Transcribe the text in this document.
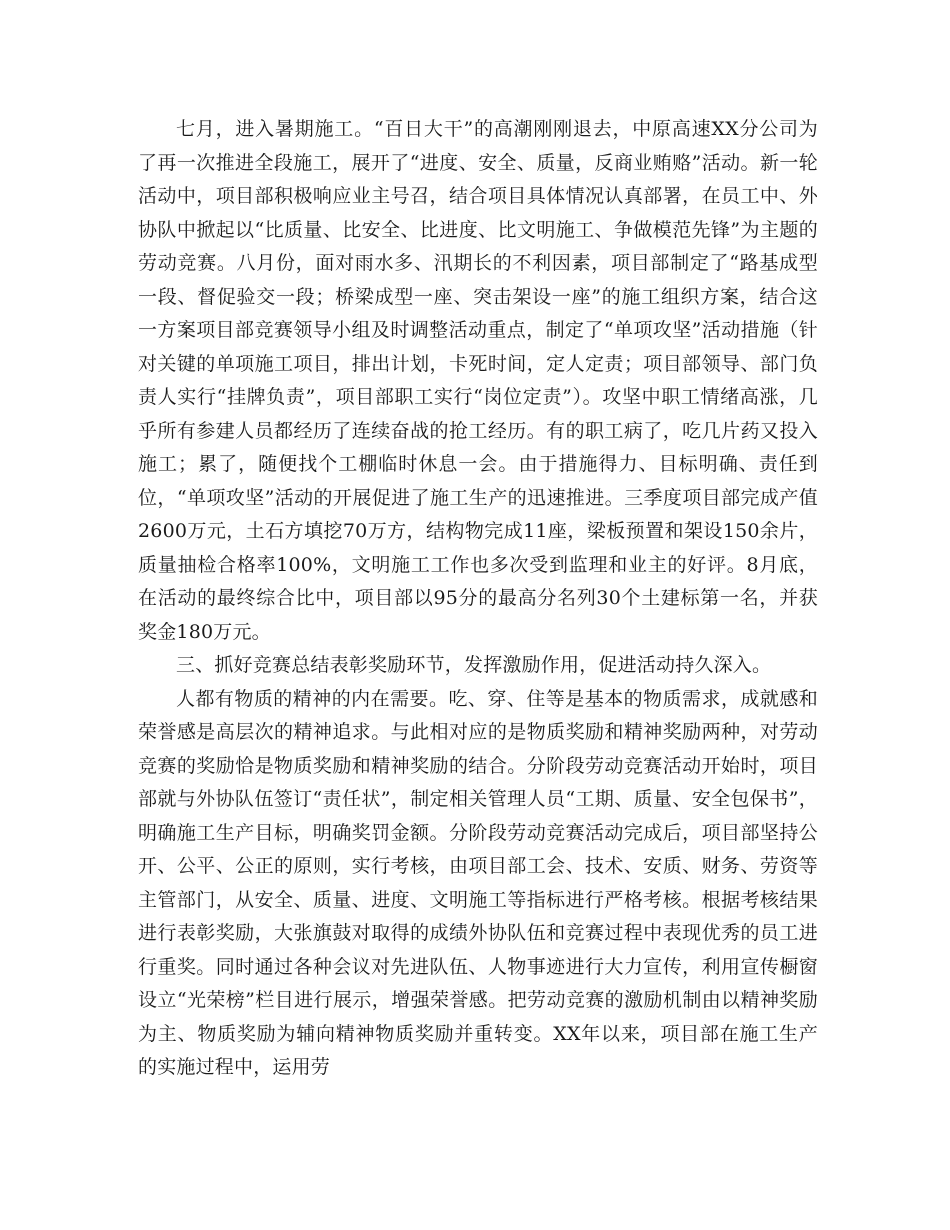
七月，进入暑期施工。“百日大干”的高潮刚刚退去，中原高速XX分公司为了再一次推进全段施工，展开了“进度、安全、质量，反商业贿赂”活动。新一轮活动中，项目部积极响应业主号召，结合项目具体情况认真部署，在员工中、外协队中掀起以“比质量、比安全、比进度、比文明施工、争做模范先锋”为主题的劳动竞赛。八月份，面对雨水多、汛期长的不利因素，项目部制定了“路基成型一段、督促验交一段；桥梁成型一座、突击架设一座”的施工组织方案，结合这一方案项目部竞赛领导小组及时调整活动重点，制定了“单项攻坚”活动措施（针对关键的单项施工项目，排出计划，卡死时间，定人定责；项目部领导、部门负责人实行“挂牌负责”，项目部职工实行“岗位定责”）。攻坚中职工情绪高涨，几乎所有参建人员都经历了连续奋战的抢工经历。有的职工病了，吃几片药又投入施工；累了，随便找个工棚临时休息一会。由于措施得力、目标明确、责任到位，“单项攻坚”活动的开展促进了施工生产的迅速推进。三季度项目部完成产值2600万元，土石方填挖70万方，结构物完成11座，梁板预置和架设150余片，质量抽检合格率100%，文明施工工作也多次受到监理和业主的好评。8月底，在活动的最终综合比中，项目部以95分的最高分名列30个土建标第一名，并获奖金180万元。

三、抓好竞赛总结表彰奖励环节，发挥激励作用，促进活动持久深入。

人都有物质的精神的内在需要。吃、穿、住等是基本的物质需求，成就感和荣誉感是高层次的精神追求。与此相对应的是物质奖励和精神奖励两种，对劳动竞赛的奖励恰是物质奖励和精神奖励的结合。分阶段劳动竞赛活动开始时，项目部就与外协队伍签订“责任状”，制定相关管理人员“工期、质量、安全包保书”，明确施工生产目标，明确奖罚金额。分阶段劳动竞赛活动完成后，项目部坚持公开、公平、公正的原则，实行考核，由项目部工会、技术、安质、财务、劳资等主管部门，从安全、质量、进度、文明施工等指标进行严格考核。根据考核结果进行表彰奖励，大张旗鼓对取得的成绩外协队伍和竞赛过程中表现优秀的员工进行重奖。同时通过各种会议对先进队伍、人物事迹进行大力宣传，利用宣传橱窗设立“光荣榜”栏目进行展示，增强荣誉感。把劳动竞赛的激励机制由以精神奖励为主、物质奖励为辅向精神物质奖励并重转变。XX年以来，项目部在施工生产的实施过程中，运用劳
